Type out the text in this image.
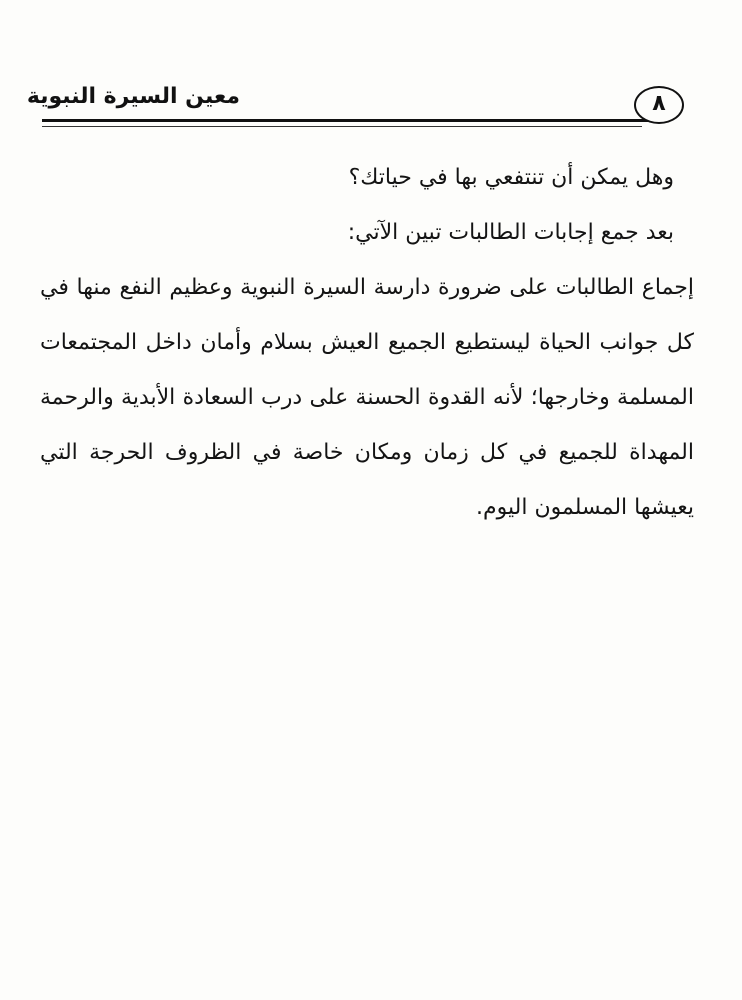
معين السيرة النبوية	٨
وهل يمكن أن تنتفعي بها في حياتك؟
بعد جمع إجابات الطالبات تبين الآتي:
إجماع الطالبات على ضرورة دارسة السيرة النبوية وعظيم النفع منها في
كل جوانب الحياة ليستطيع الجميع العيش بسلام وأمان داخل المجتمعات
المسلمة وخارجها؛ لأنه القدوة الحسنة على درب السعادة الأبدية والرحمة
المهداة للجميع في كل زمان ومكان خاصة في الظروف الحرجة التي
يعيشها المسلمون اليوم.
